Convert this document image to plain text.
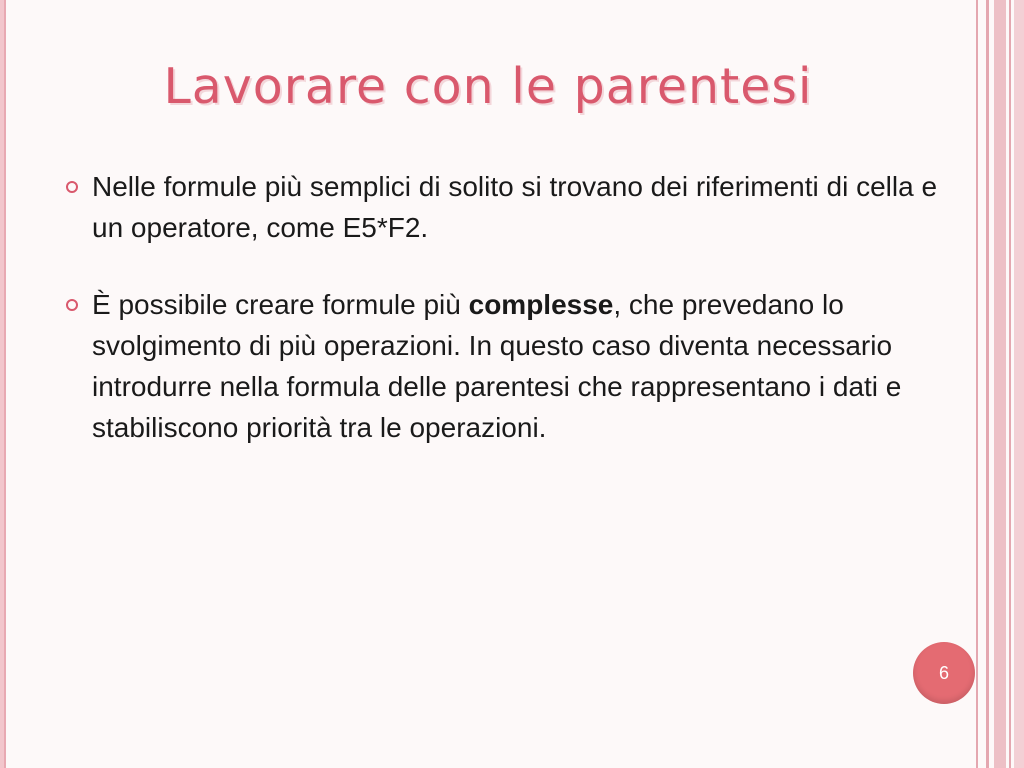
Lavorare con le parentesi
Nelle formule più semplici di solito si trovano dei riferimenti di cella e un operatore, come E5*F2.
È possibile creare formule più complesse, che prevedano lo svolgimento di più operazioni. In questo caso diventa necessario introdurre nella formula delle parentesi che rappresentano i dati e stabiliscono priorità tra le operazioni.
6
